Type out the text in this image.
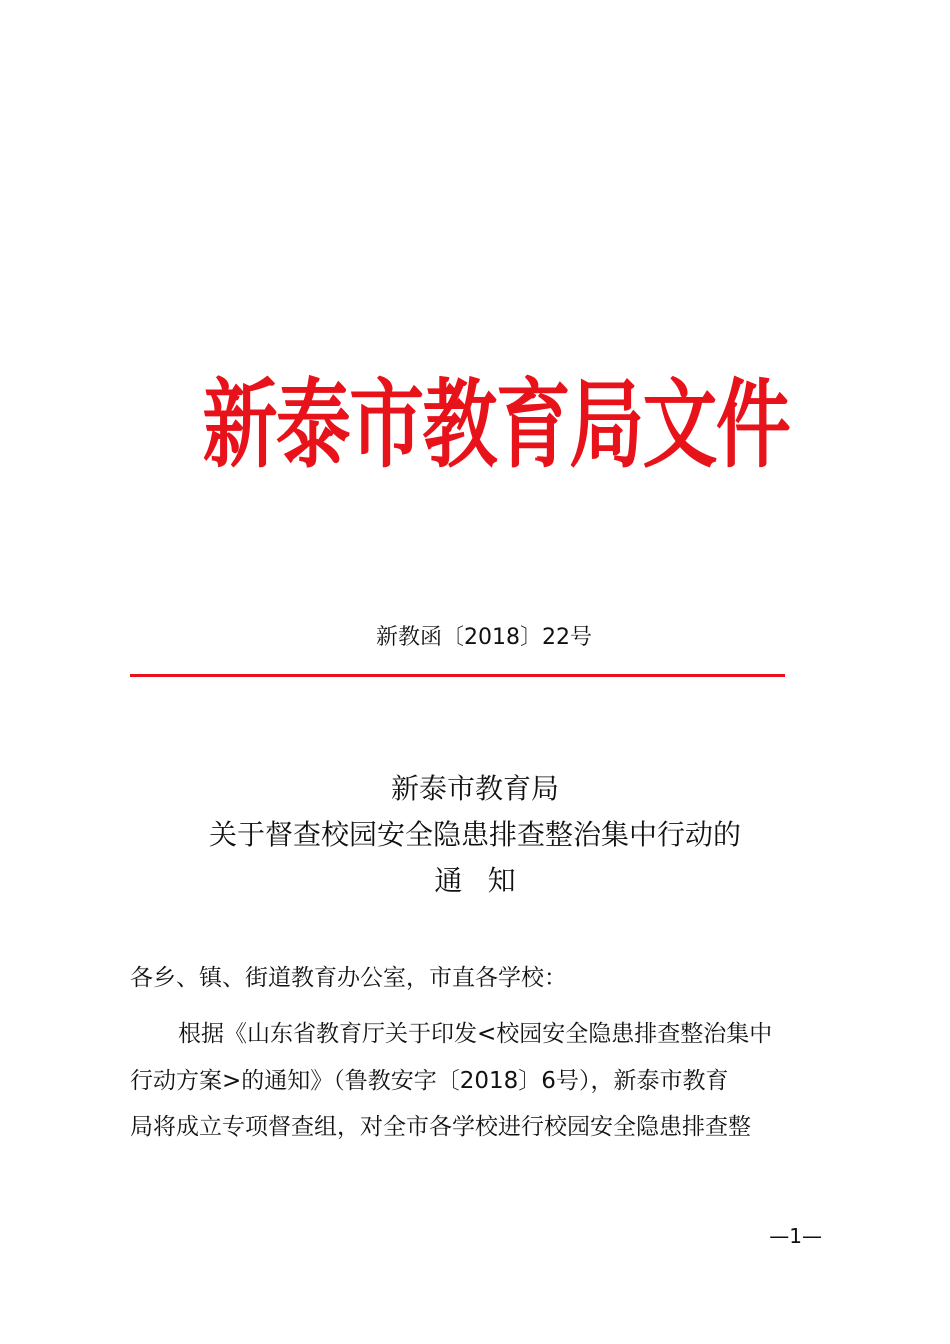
新泰市教育局文件
新教函〔2018〕22号
新泰市教育局
关于督查校园安全隐患排查整治集中行动的
通知
各乡、镇、街道教育办公室，市直各学校：
根据《山东省教育厅关于印发<校园安全隐患排查整治集中
行动方案>的通知》（鲁教安字〔2018〕6号），新泰市教育
局将成立专项督查组，对全市各学校进行校园安全隐患排查整
—1—
